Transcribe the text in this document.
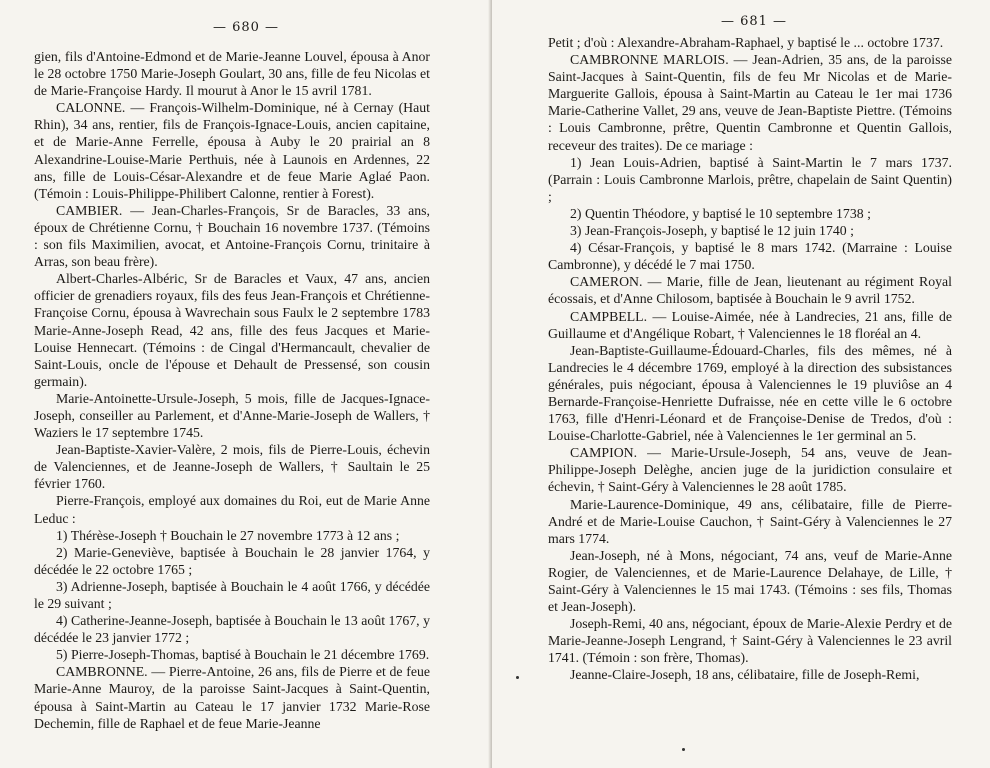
— 680 —

gien, fils d'Antoine-Edmond et de Marie-Jeanne Louvel, épousa à Anor le 28 octobre 1750 Marie-Joseph Goulart, 30 ans, fille de feu Nicolas et de Marie-Françoise Hardy. Il mourut à Anor le 15 avril 1781.

CALONNE. — François-Wilhelm-Dominique, né à Cernay (Haut Rhin), 34 ans, rentier, fils de François-Ignace-Louis, ancien capitaine, et de Marie-Anne Ferrelle, épousa à Auby le 20 prairial an 8 Alexandrine-Louise-Marie Perthuis, née à Launois en Ardennes, 22 ans, fille de Louis-César-Alexandre et de feue Marie Aglaé Paon. (Témoin : Louis-Philippe-Philibert Calonne, rentier à Forest).

CAMBIER. — Jean-Charles-François, Sr de Baracles, 33 ans, époux de Chrétienne Cornu, † Bouchain 16 novembre 1737. (Témoins : son fils Maximilien, avocat, et Antoine-François Cornu, trinitaire à Arras, son beau frère).

Albert-Charles-Albéric, Sr de Baracles et Vaux, 47 ans, ancien officier de grenadiers royaux, fils des feus Jean-François et Chrétienne-Françoise Cornu, épousa à Wavrechain sous Faulx le 2 septembre 1783 Marie-Anne-Joseph Read, 42 ans, fille des feus Jacques et Marie-Louise Hennecart. (Témoins : de Cingal d'Hermancault, chevalier de Saint-Louis, oncle de l'épouse et Dehault de Pressensé, son cousin germain).

Marie-Antoinette-Ursule-Joseph, 5 mois, fille de Jacques-Ignace-Joseph, conseiller au Parlement, et d'Anne-Marie-Joseph de Wallers, † Waziers le 17 septembre 1745.

Jean-Baptiste-Xavier-Valère, 2 mois, fils de Pierre-Louis, échevin de Valenciennes, et de Jeanne-Joseph de Wallers, † Saultain le 25 février 1760.

Pierre-François, employé aux domaines du Roi, eut de Marie Anne Leduc :

1) Thérèse-Joseph † Bouchain le 27 novembre 1773 à 12 ans ;

2) Marie-Geneviève, baptisée à Bouchain le 28 janvier 1764, y décédée le 22 octobre 1765 ;

3) Adrienne-Joseph, baptisée à Bouchain le 4 août 1766, y décédée le 29 suivant ;

4) Catherine-Jeanne-Joseph, baptisée à Bouchain le 13 août 1767, y décédée le 23 janvier 1772 ;

5) Pierre-Joseph-Thomas, baptisé à Bouchain le 21 décembre 1769.

CAMBRONNE. — Pierre-Antoine, 26 ans, fils de Pierre et de feue Marie-Anne Mauroy, de la paroisse Saint-Jacques à Saint-Quentin, épousa à Saint-Martin au Cateau le 17 janvier 1732 Marie-Rose Dechemin, fille de Raphael et de feue Marie-Jeanne

— 681 —

Petit ; d'où : Alexandre-Abraham-Raphael, y baptisé le ... octobre 1737.

CAMBRONNE MARLOIS. — Jean-Adrien, 35 ans, de la paroisse Saint-Jacques à Saint-Quentin, fils de feu Mr Nicolas et de Marie-Marguerite Gallois, épousa à Saint-Martin au Cateau le 1er mai 1736 Marie-Catherine Vallet, 29 ans, veuve de Jean-Baptiste Piettre. (Témoins : Louis Cambronne, prêtre, Quentin Cambronne et Quentin Gallois, receveur des traites). De ce mariage :

1) Jean Louis-Adrien, baptisé à Saint-Martin le 7 mars 1737. (Parrain : Louis Cambronne Marlois, prêtre, chapelain de Saint Quentin) ;

2) Quentin Théodore, y baptisé le 10 septembre 1738 ;

3) Jean-François-Joseph, y baptisé le 12 juin 1740 ;

4) César-François, y baptisé le 8 mars 1742. (Marraine : Louise Cambronne), y décédé le 7 mai 1750.

CAMERON. — Marie, fille de Jean, lieutenant au régiment Royal écossais, et d'Anne Chilosom, baptisée à Bouchain le 9 avril 1752.

CAMPBELL. — Louise-Aimée, née à Landrecies, 21 ans, fille de Guillaume et d'Angélique Robart, † Valenciennes le 18 floréal an 4.

Jean-Baptiste-Guillaume-Édouard-Charles, fils des mêmes, né à Landrecies le 4 décembre 1769, employé à la direction des subsistances générales, puis négociant, épousa à Valenciennes le 19 pluviôse an 4 Bernarde-Françoise-Henriette Dufraisse, née en cette ville le 6 octobre 1763, fille d'Henri-Léonard et de Françoise-Denise de Tredos, d'où : Louise-Charlotte-Gabriel, née à Valenciennes le 1er germinal an 5.

CAMPION. — Marie-Ursule-Joseph, 54 ans, veuve de Jean-Philippe-Joseph Delèghe, ancien juge de la juridiction consulaire et échevin, † Saint-Géry à Valenciennes le 28 août 1785.

Marie-Laurence-Dominique, 49 ans, célibataire, fille de Pierre-André et de Marie-Louise Cauchon, † Saint-Géry à Valenciennes le 27 mars 1774.

Jean-Joseph, né à Mons, négociant, 74 ans, veuf de Marie-Anne Rogier, de Valenciennes, et de Marie-Laurence Delahaye, de Lille, † Saint-Géry à Valenciennes le 15 mai 1743. (Témoins : ses fils, Thomas et Jean-Joseph).

Joseph-Remi, 40 ans, négociant, époux de Marie-Alexie Perdry et de Marie-Jeanne-Joseph Lengrand, † Saint-Géry à Valenciennes le 23 avril 1741. (Témoin : son frère, Thomas).

Jeanne-Claire-Joseph, 18 ans, célibataire, fille de Joseph-Remi,
